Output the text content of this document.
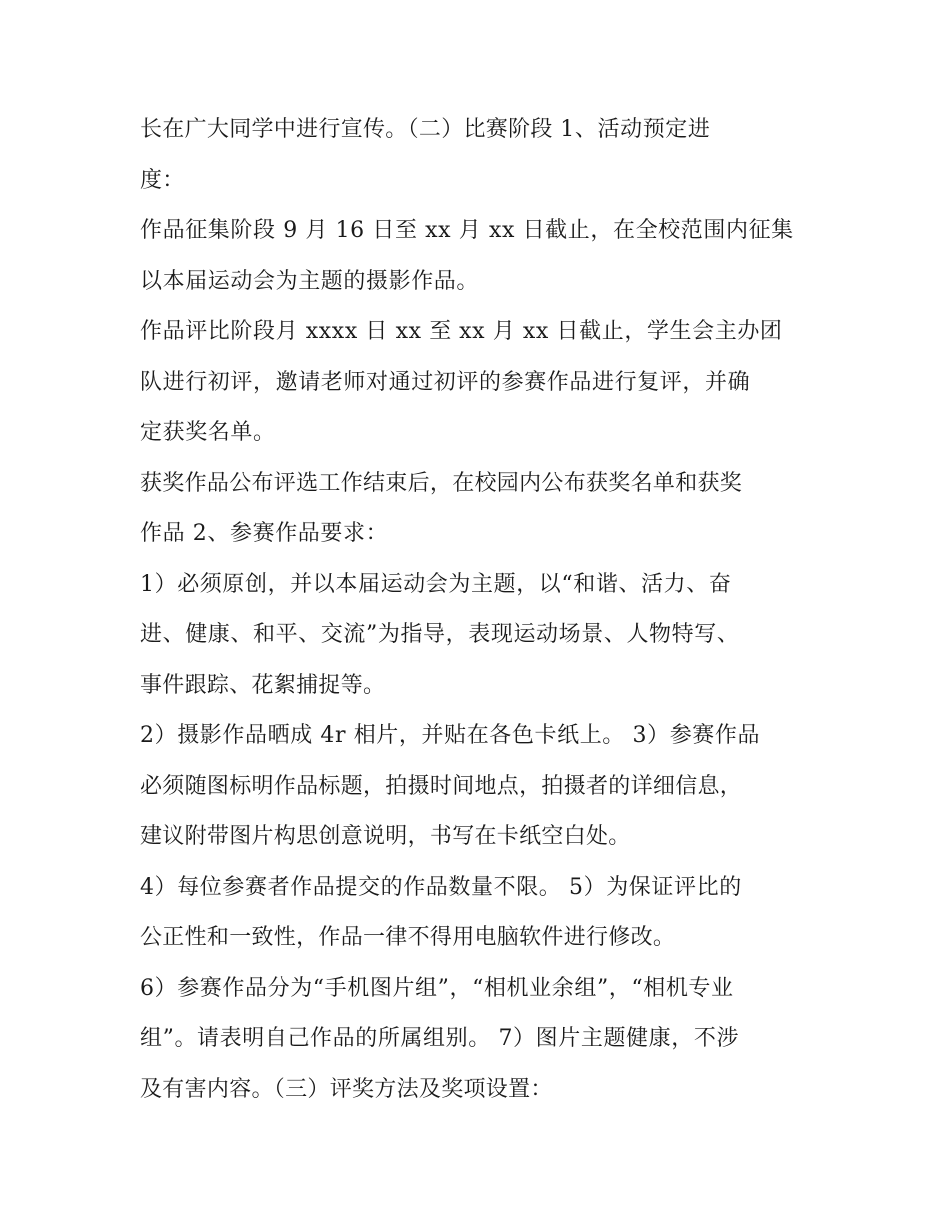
长在广大同学中进行宣传。（二）比赛阶段 1、活动预定进
度：
作品征集阶段 9 月 16 日至 xx 月 xx 日截止，在全校范围内征集
以本届运动会为主题的摄影作品。
作品评比阶段月 xxxx 日 xx 至 xx 月 xx 日截止，学生会主办团
队进行初评，邀请老师对通过初评的参赛作品进行复评，并确
定获奖名单。
获奖作品公布评选工作结束后，在校园内公布获奖名单和获奖
作品 2、参赛作品要求：
1）必须原创，并以本届运动会为主题，以“和谐、活力、奋
进、健康、和平、交流”为指导，表现运动场景、人物特写、
事件跟踪、花絮捕捉等。
2）摄影作品晒成 4r 相片，并贴在各色卡纸上。 3）参赛作品
必须随图标明作品标题，拍摄时间地点，拍摄者的详细信息，
建议附带图片构思创意说明，书写在卡纸空白处。
4）每位参赛者作品提交的作品数量不限。 5）为保证评比的
公正性和一致性，作品一律不得用电脑软件进行修改。
6）参赛作品分为“手机图片组”，“相机业余组”，“相机专业
组”。请表明自己作品的所属组别。 7）图片主题健康，不涉
及有害内容。（三）评奖方法及奖项设置：
